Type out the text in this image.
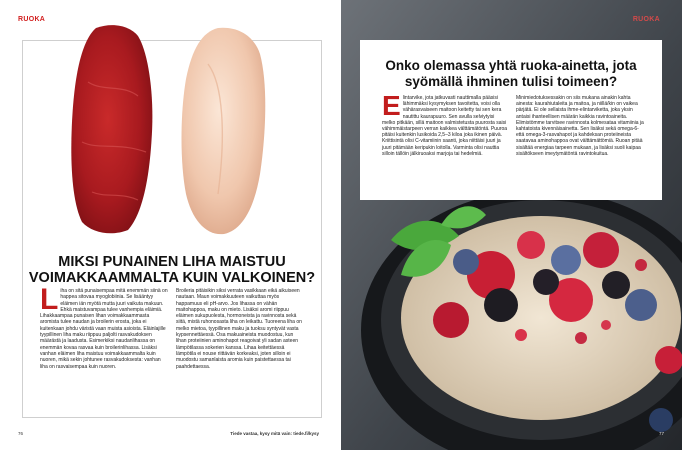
RUOKA
MIKSI PUNAINEN LIHA MAISTUU VOIMAKKAAMMALTA KUIN VALKOINEN?
L iha on sitä punaisempaa mitä enemmän siinä on happea sitovaa myoglobiinia. Se lisääntyy eläimen iän myötä mutta juuri vaikuta makuun. Ehkä maistuvampaa tulee vanhempia eläimiä. Lihakkaampaa punaisen lihan voimakkaammasta aromista tulee naudan ja broilerin erosta, joka ei kuitenkaan johdu väristä vaan muista asioista. Eläinlajille tyypillinen liha maku riippuu paljolti rasvakudoksen määrästä ja laadusta. Esimerkiksi naudanlihassa on enemmän kovaa rasvaa kuin broilerinlihassa. Lisäksi vanhan eläimen liha maistuu voimakkaammalta kuin nuoren, mikä sekin johtunee rasvakudoksesta: vanhan liha on rasvaisempaa kuin nuoren.
Broileria pitäisikin siksi verrata vasikkaan eikä aikuiseen nautaan. Maun voimakkuuteen vaikuttaa myös happamuus eli pH-arvo. Jos lihassa on vähän maitohappoa, maku on mieto. Lisäksi aromi riippuu eläimen sukupuolesta, hormoneista ja ravinnosta sekä siitä, mistä ruhonosasta liha on leikattu. Tuoreena liha on melko mietoa, tyypillinen maku ja tuoksu syntyvät vasta kypsennettäessä. Osa makuaineista muodostuu, kun lihan proteiinien aminohapot reagoivat yli sadan asteen lämpötilassa sokerien kanssa. Lihaa keitettäessä lämpötila ei nouse riittävän korkeaksi, joten silloin ei muodostu samanlaista aromia kuin paistettaessa tai paahdettaessa.
76	Tiede vastaa, kysy mitä vain: tiede.fi/kysy
RUOKA
77
Onko olemassa yhtä ruoka-ainetta, jota syömällä ihminen tulisi toimeen?
E lintarvike, jota jatkuvasti nauttimalla pääsisi lähimmäksi kysymyksen tavoitetta, voisi olla vähärasvaiseen maitoon keitetty tai sen kera nautittu kaurapuuro. Sen avulla selviytyisi melko pitkään, sillä maitoon valmistetusta puurosta saisi vähimmäistarpeen verran kaikkea välttämätöntä. Puuroa pitäisi kuitenkin lusikoida 2,5–3 kiloa joka ikinen päivä. Kriittisintä olisi C-vitamiinin saanti, joka niittäisi juuri ja juuri pitämään keripukin loitolla. Varminta olisi nauttia silloin tällöin jälkiruoaksi marjoja tai hedelmiä.
Minimiedotuksessakin on siis mukana ainakin kahta ainesta: kaurahiutaleita ja maitoa, ja niillä/kin on vaikea pärjätä. Ei ole sellaista ihme-elintarviketta, joka yksin antaisi ihanteellisen määrän kaikkia ravintoaineita. Elimistömme tarvitsee ravinnosta kolmesataa vitamiinia ja kahtatoista kivennäisainetta. Sen lisäksi sekä omega-6- että omega-3-rasvahapot ja kahdeksan proteiineista saatavaa aminohappoa ovat välttämättömiä. Ruoan pitää sisältää energiaa tarpeen mukaan, ja lisäksi suoli kaipaa sisältökseen imeytymätöntä ravintokuitua.
